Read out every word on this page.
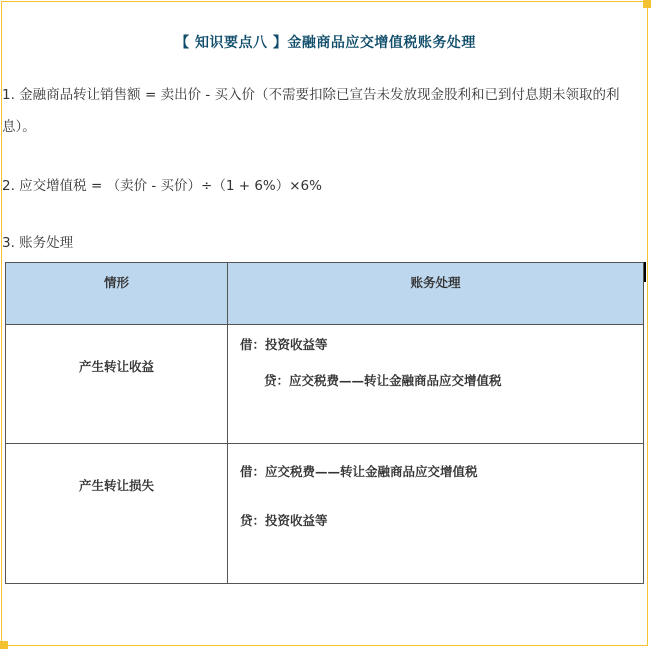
【 知识要点八 】金融商品应交增值税账务处理

1. 金融商品转让销售额 = 卖出价 - 买入价（不需要扣除已宣告未发放现金股利和已到付息期未领取的利息）。

2. 应交增值税 = （卖价 - 买价）÷（1 + 6%）×6%

3. 账务处理

情形	账务处理
产生转让收益	借：投资收益等
贷：应交税费——转让金融商品应交增值税

产生转让损失	借：应交税费——转让金融商品应交增值税
贷：投资收益等
